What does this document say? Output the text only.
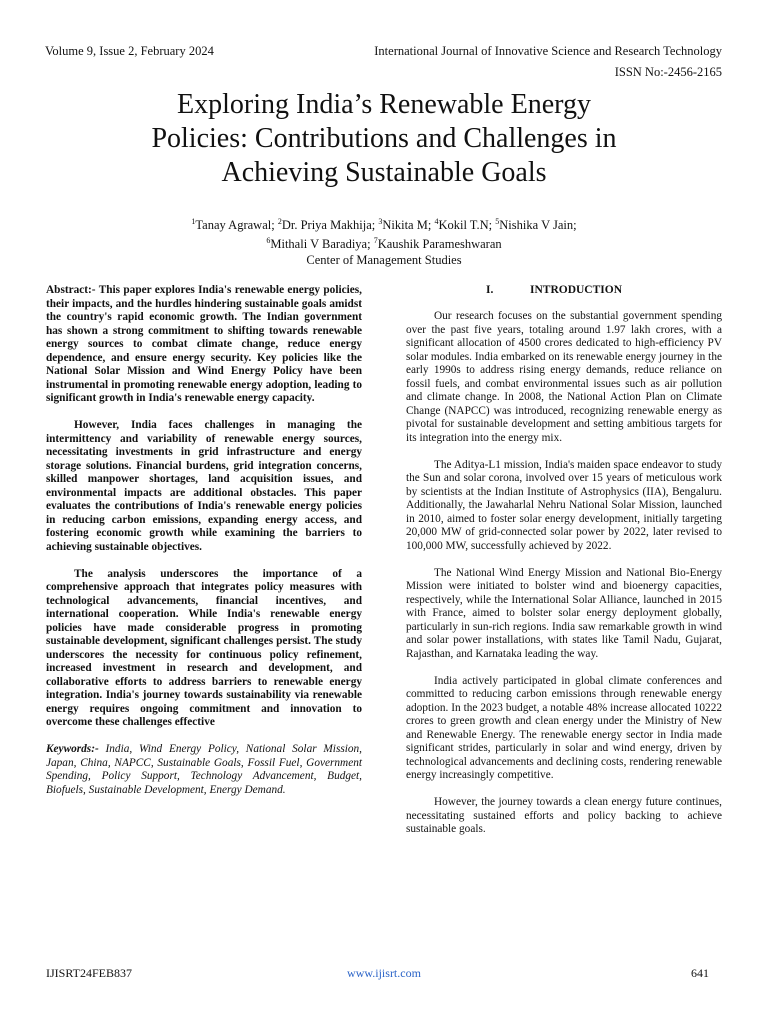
Volume 9, Issue 2, February 2024	International Journal of Innovative Science and Research Technology
ISSN No:-2456-2165
Exploring India’s Renewable Energy
Policies: Contributions and Challenges in
Achieving Sustainable Goals
$^1$Tanay Agrawal; $^2$Dr. Priya Makhija; $^3$Nikita M; $^4$Kokil T.N; $^5$Nishika V Jain;
$^6$Mithali V Baradiya; $^7$Kaushik Parameshwaran
Center of Management Studies

Abstract:- This paper explores India's renewable energy policies, their impacts, and the hurdles hindering sustainable goals amidst the country's rapid economic growth. The Indian government has shown a strong commitment to shifting towards renewable energy sources to combat climate change, reduce energy dependence, and ensure energy security. Key policies like the National Solar Mission and Wind Energy Policy have been instrumental in promoting renewable energy adoption, leading to significant growth in India's renewable energy capacity.

However, India faces challenges in managing the intermittency and variability of renewable energy sources, necessitating investments in grid infrastructure and energy storage solutions. Financial burdens, grid integration concerns, skilled manpower shortages, land acquisition issues, and environmental impacts are additional obstacles. This paper evaluates the contributions of India's renewable energy policies in reducing carbon emissions, expanding energy access, and fostering economic growth while examining the barriers to achieving sustainable objectives.

The analysis underscores the importance of a comprehensive approach that integrates policy measures with technological advancements, financial incentives, and international cooperation. While India's renewable energy policies have made considerable progress in promoting sustainable development, significant challenges persist. The study underscores the necessity for continuous policy refinement, increased investment in research and development, and collaborative efforts to address barriers to renewable energy integration. India's journey towards sustainability via renewable energy requires ongoing commitment and innovation to overcome these challenges effective

Keywords:- India, Wind Energy Policy, National Solar Mission, Japan, China, NAPCC, Sustainable Goals, Fossil Fuel, Government Spending, Policy Support, Technology Advancement, Budget, Biofuels, Sustainable Development, Energy Demand.

I.	INTRODUCTION

Our research focuses on the substantial government spending over the past five years, totaling around 1.97 lakh crores, with a significant allocation of 4500 crores dedicated to high-efficiency PV solar modules. India embarked on its renewable energy journey in the early 1990s to address rising energy demands, reduce reliance on fossil fuels, and combat environmental issues such as air pollution and climate change. In 2008, the National Action Plan on Climate Change (NAPCC) was introduced, recognizing renewable energy as pivotal for sustainable development and setting ambitious targets for its integration into the energy mix.

The Aditya-L1 mission, India's maiden space endeavor to study the Sun and solar corona, involved over 15 years of meticulous work by scientists at the Indian Institute of Astrophysics (IIA), Bengaluru. Additionally, the Jawaharlal Nehru National Solar Mission, launched in 2010, aimed to foster solar energy development, initially targeting 20,000 MW of grid-connected solar power by 2022, later revised to 100,000 MW, successfully achieved by 2022.

The National Wind Energy Mission and National Bio-Energy Mission were initiated to bolster wind and bioenergy capacities, respectively, while the International Solar Alliance, launched in 2015 with France, aimed to bolster solar energy deployment globally, particularly in sun-rich regions. India saw remarkable growth in wind and solar power installations, with states like Tamil Nadu, Gujarat, Rajasthan, and Karnataka leading the way.

India actively participated in global climate conferences and committed to reducing carbon emissions through renewable energy adoption. In the 2023 budget, a notable 48% increase allocated 10222 crores to green growth and clean energy under the Ministry of New and Renewable Energy. The renewable energy sector in India made significant strides, particularly in solar and wind energy, driven by technological advancements and declining costs, rendering renewable energy increasingly competitive.

However, the journey towards a clean energy future continues, necessitating sustained efforts and policy backing to achieve sustainable goals.

IJISRT24FEB837	www.ijisrt.com	641
